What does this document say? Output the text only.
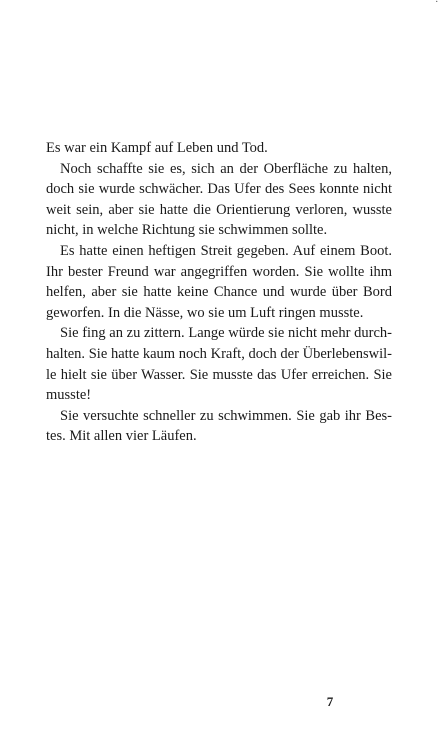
Es war ein Kampf auf Leben und Tod.

Noch schaffte sie es, sich an der Oberfläche zu halten, doch sie wurde schwächer. Das Ufer des Sees konnte nicht weit sein, aber sie hatte die Orientierung verloren, wusste nicht, in welche Richtung sie schwimmen sollte.

Es hatte einen heftigen Streit gegeben. Auf einem Boot. Ihr bester Freund war angegriffen worden. Sie wollte ihm helfen, aber sie hatte keine Chance und wurde über Bord geworfen. In die Nässe, wo sie um Luft ringen musste.

Sie fing an zu zittern. Lange würde sie nicht mehr durchhalten. Sie hatte kaum noch Kraft, doch der Überlebenswille hielt sie über Wasser. Sie musste das Ufer erreichen. Sie musste!

Sie versuchte schneller zu schwimmen. Sie gab ihr Bestes. Mit allen vier Läufen.

7
